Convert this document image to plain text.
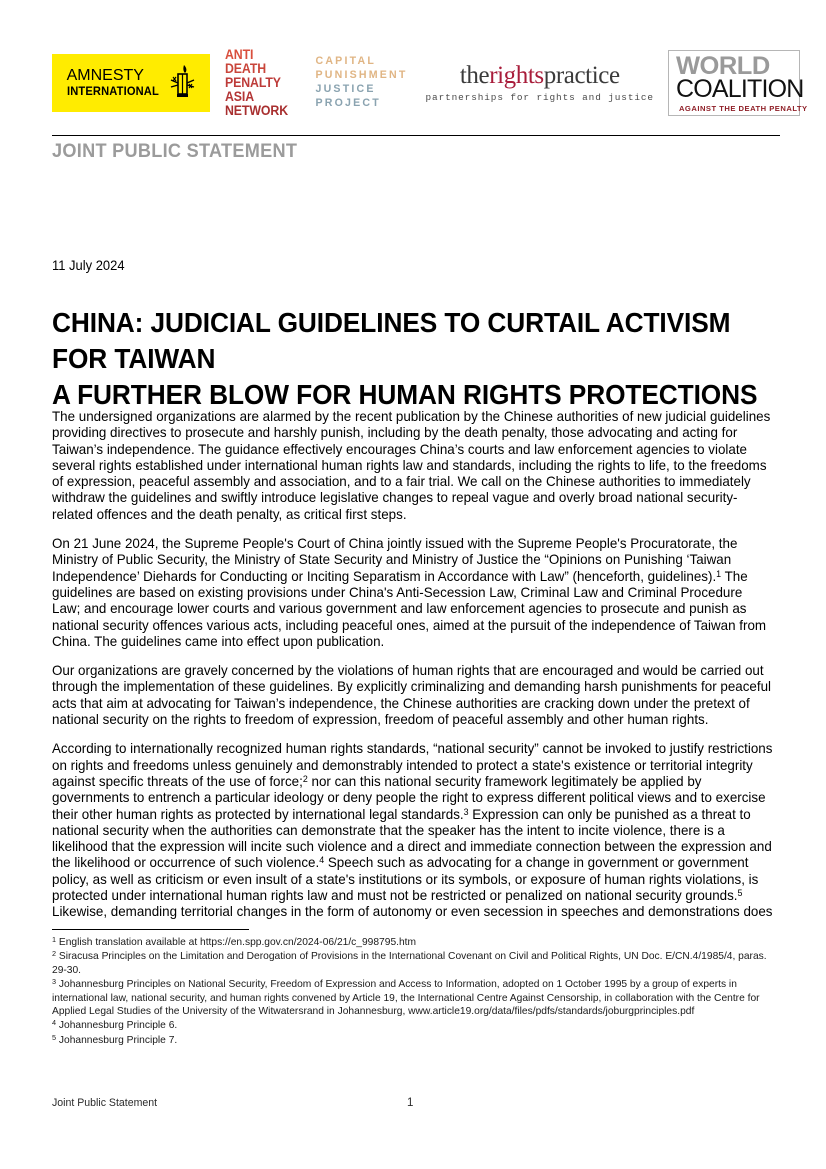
AMNESTY
INTERNATIONAL
ANTI
DEATH
PENALTY
ASIA
NETWORK
CAPITAL
PUNISHMENT
JUSTICE
PROJECT
therightspractice
partnerships for rights and justice
WORLD
COALITION
AGAINST THE DEATH PENALTY
JOINT PUBLIC STATEMENT
11 July 2024
CHINA: JUDICIAL GUIDELINES TO CURTAIL ACTIVISM FOR TAIWAN
A FURTHER BLOW FOR HUMAN RIGHTS PROTECTIONS

The undersigned organizations are alarmed by the recent publication by the Chinese authorities of new judicial guidelines providing directives to prosecute and harshly punish, including by the death penalty, those advocating and acting for Taiwan’s independence. The guidance effectively encourages China’s courts and law enforcement agencies to violate several rights established under international human rights law and standards, including the rights to life, to the freedoms of expression, peaceful assembly and association, and to a fair trial. We call on the Chinese authorities to immediately withdraw the guidelines and swiftly introduce legislative changes to repeal vague and overly broad national security-related offences and the death penalty, as critical first steps.

On 21 June 2024, the Supreme People's Court of China jointly issued with the Supreme People's Procuratorate, the Ministry of Public Security, the Ministry of State Security and Ministry of Justice the “Opinions on Punishing ‘Taiwan Independence’ Diehards for Conducting or Inciting Separatism in Accordance with Law” (henceforth, guidelines).$^1$ The guidelines are based on existing provisions under China's Anti-Secession Law, Criminal Law and Criminal Procedure Law; and encourage lower courts and various government and law enforcement agencies to prosecute and punish as national security offences various acts, including peaceful ones, aimed at the pursuit of the independence of Taiwan from China. The guidelines came into effect upon publication.

Our organizations are gravely concerned by the violations of human rights that are encouraged and would be carried out through the implementation of these guidelines. By explicitly criminalizing and demanding harsh punishments for peaceful acts that aim at advocating for Taiwan’s independence, the Chinese authorities are cracking down under the pretext of national security on the rights to freedom of expression, freedom of peaceful assembly and other human rights.

According to internationally recognized human rights standards, “national security” cannot be invoked to justify restrictions on rights and freedoms unless genuinely and demonstrably intended to protect a state's existence or territorial integrity against specific threats of the use of force;$^2$ nor can this national security framework legitimately be applied by governments to entrench a particular ideology or deny people the right to express different political views and to exercise their other human rights as protected by international legal standards.$^3$ Expression can only be punished as a threat to national security when the authorities can demonstrate that the speaker has the intent to incite violence, there is a likelihood that the expression will incite such violence and a direct and immediate connection between the expression and the likelihood or occurrence of such violence.$^4$ Speech such as advocating for a change in government or government policy, as well as criticism or even insult of a state's institutions or its symbols, or exposure of human rights violations, is protected under international human rights law and must not be restricted or penalized on national security grounds.$^5$ Likewise, demanding territorial changes in the form of autonomy or even secession in speeches and demonstrations does

$^1$ English translation available at https://en.spp.gov.cn/2024-06/21/c_998795.htm

$^2$ Siracusa Principles on the Limitation and Derogation of Provisions in the International Covenant on Civil and Political Rights, UN Doc. E/CN.4/1985/4, paras. 29-30.

$^3$ Johannesburg Principles on National Security, Freedom of Expression and Access to Information, adopted on 1 October 1995 by a group of experts in international law, national security, and human rights convened by Article 19, the International Centre Against Censorship, in collaboration with the Centre for Applied Legal Studies of the University of the Witwatersrand in Johannesburg, www.article19.org/data/files/pdfs/standards/joburgprinciples.pdf

$^4$ Johannesburg Principle 6.

$^5$ Johannesburg Principle 7.

Joint Public Statement	1
